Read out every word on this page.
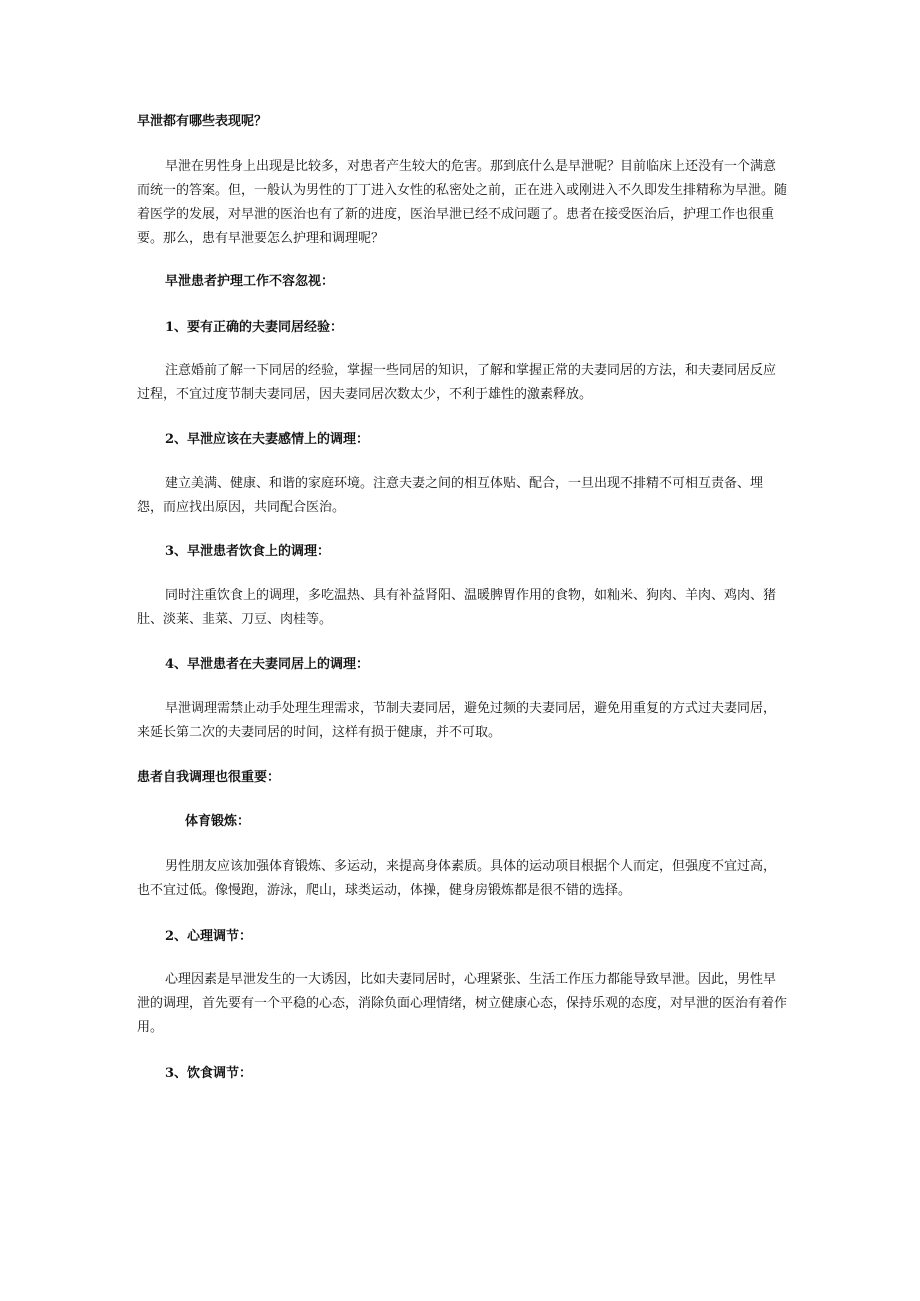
早泄都有哪些表现呢？

早泄在男性身上出现是比较多，对患者产生较大的危害。那到底什么是早泄呢？目前临床上还没有一个满意而统一的答案。但，一般认为男性的丁丁进入女性的私密处之前，正在进入或刚进入不久即发生排精称为早泄。随着医学的发展，对早泄的医治也有了新的进度，医治早泄已经不成问题了。患者在接受医治后，护理工作也很重要。那么，患有早泄要怎么护理和调理呢？

早泄患者护理工作不容忽视：

1、要有正确的夫妻同居经验：

注意婚前了解一下同居的经验，掌握一些同居的知识，了解和掌握正常的夫妻同居的方法，和夫妻同居反应过程，不宜过度节制夫妻同居，因夫妻同居次数太少，不利于雄性的激素释放。

2、早泄应该在夫妻感情上的调理：

建立美满、健康、和谐的家庭环境。注意夫妻之间的相互体贴、配合，一旦出现不排精不可相互责备、埋怨，而应找出原因，共同配合医治。

3、早泄患者饮食上的调理：

同时注重饮食上的调理，多吃温热、具有补益肾阳、温暖脾胃作用的食物，如籼米、狗肉、羊肉、鸡肉、猪肚、淡莱、韭菜、刀豆、肉桂等。

4、早泄患者在夫妻同居上的调理：

早泄调理需禁止动手处理生理需求，节制夫妻同居，避免过频的夫妻同居，避免用重复的方式过夫妻同居，来延长第二次的夫妻同居的时间，这样有损于健康，并不可取。

患者自我调理也很重要：

体育锻炼：

男性朋友应该加强体育锻炼、多运动，来提高身体素质。具体的运动项目根据个人而定，但强度不宜过高，也不宜过低。像慢跑，游泳，爬山，球类运动，体操，健身房锻炼都是很不错的选择。

2、心理调节：

心理因素是早泄发生的一大诱因，比如夫妻同居时，心理紧张、生活工作压力都能导致早泄。因此，男性早泄的调理，首先要有一个平稳的心态，消除负面心理情绪，树立健康心态，保持乐观的态度，对早泄的医治有着作用。

3、饮食调节：
